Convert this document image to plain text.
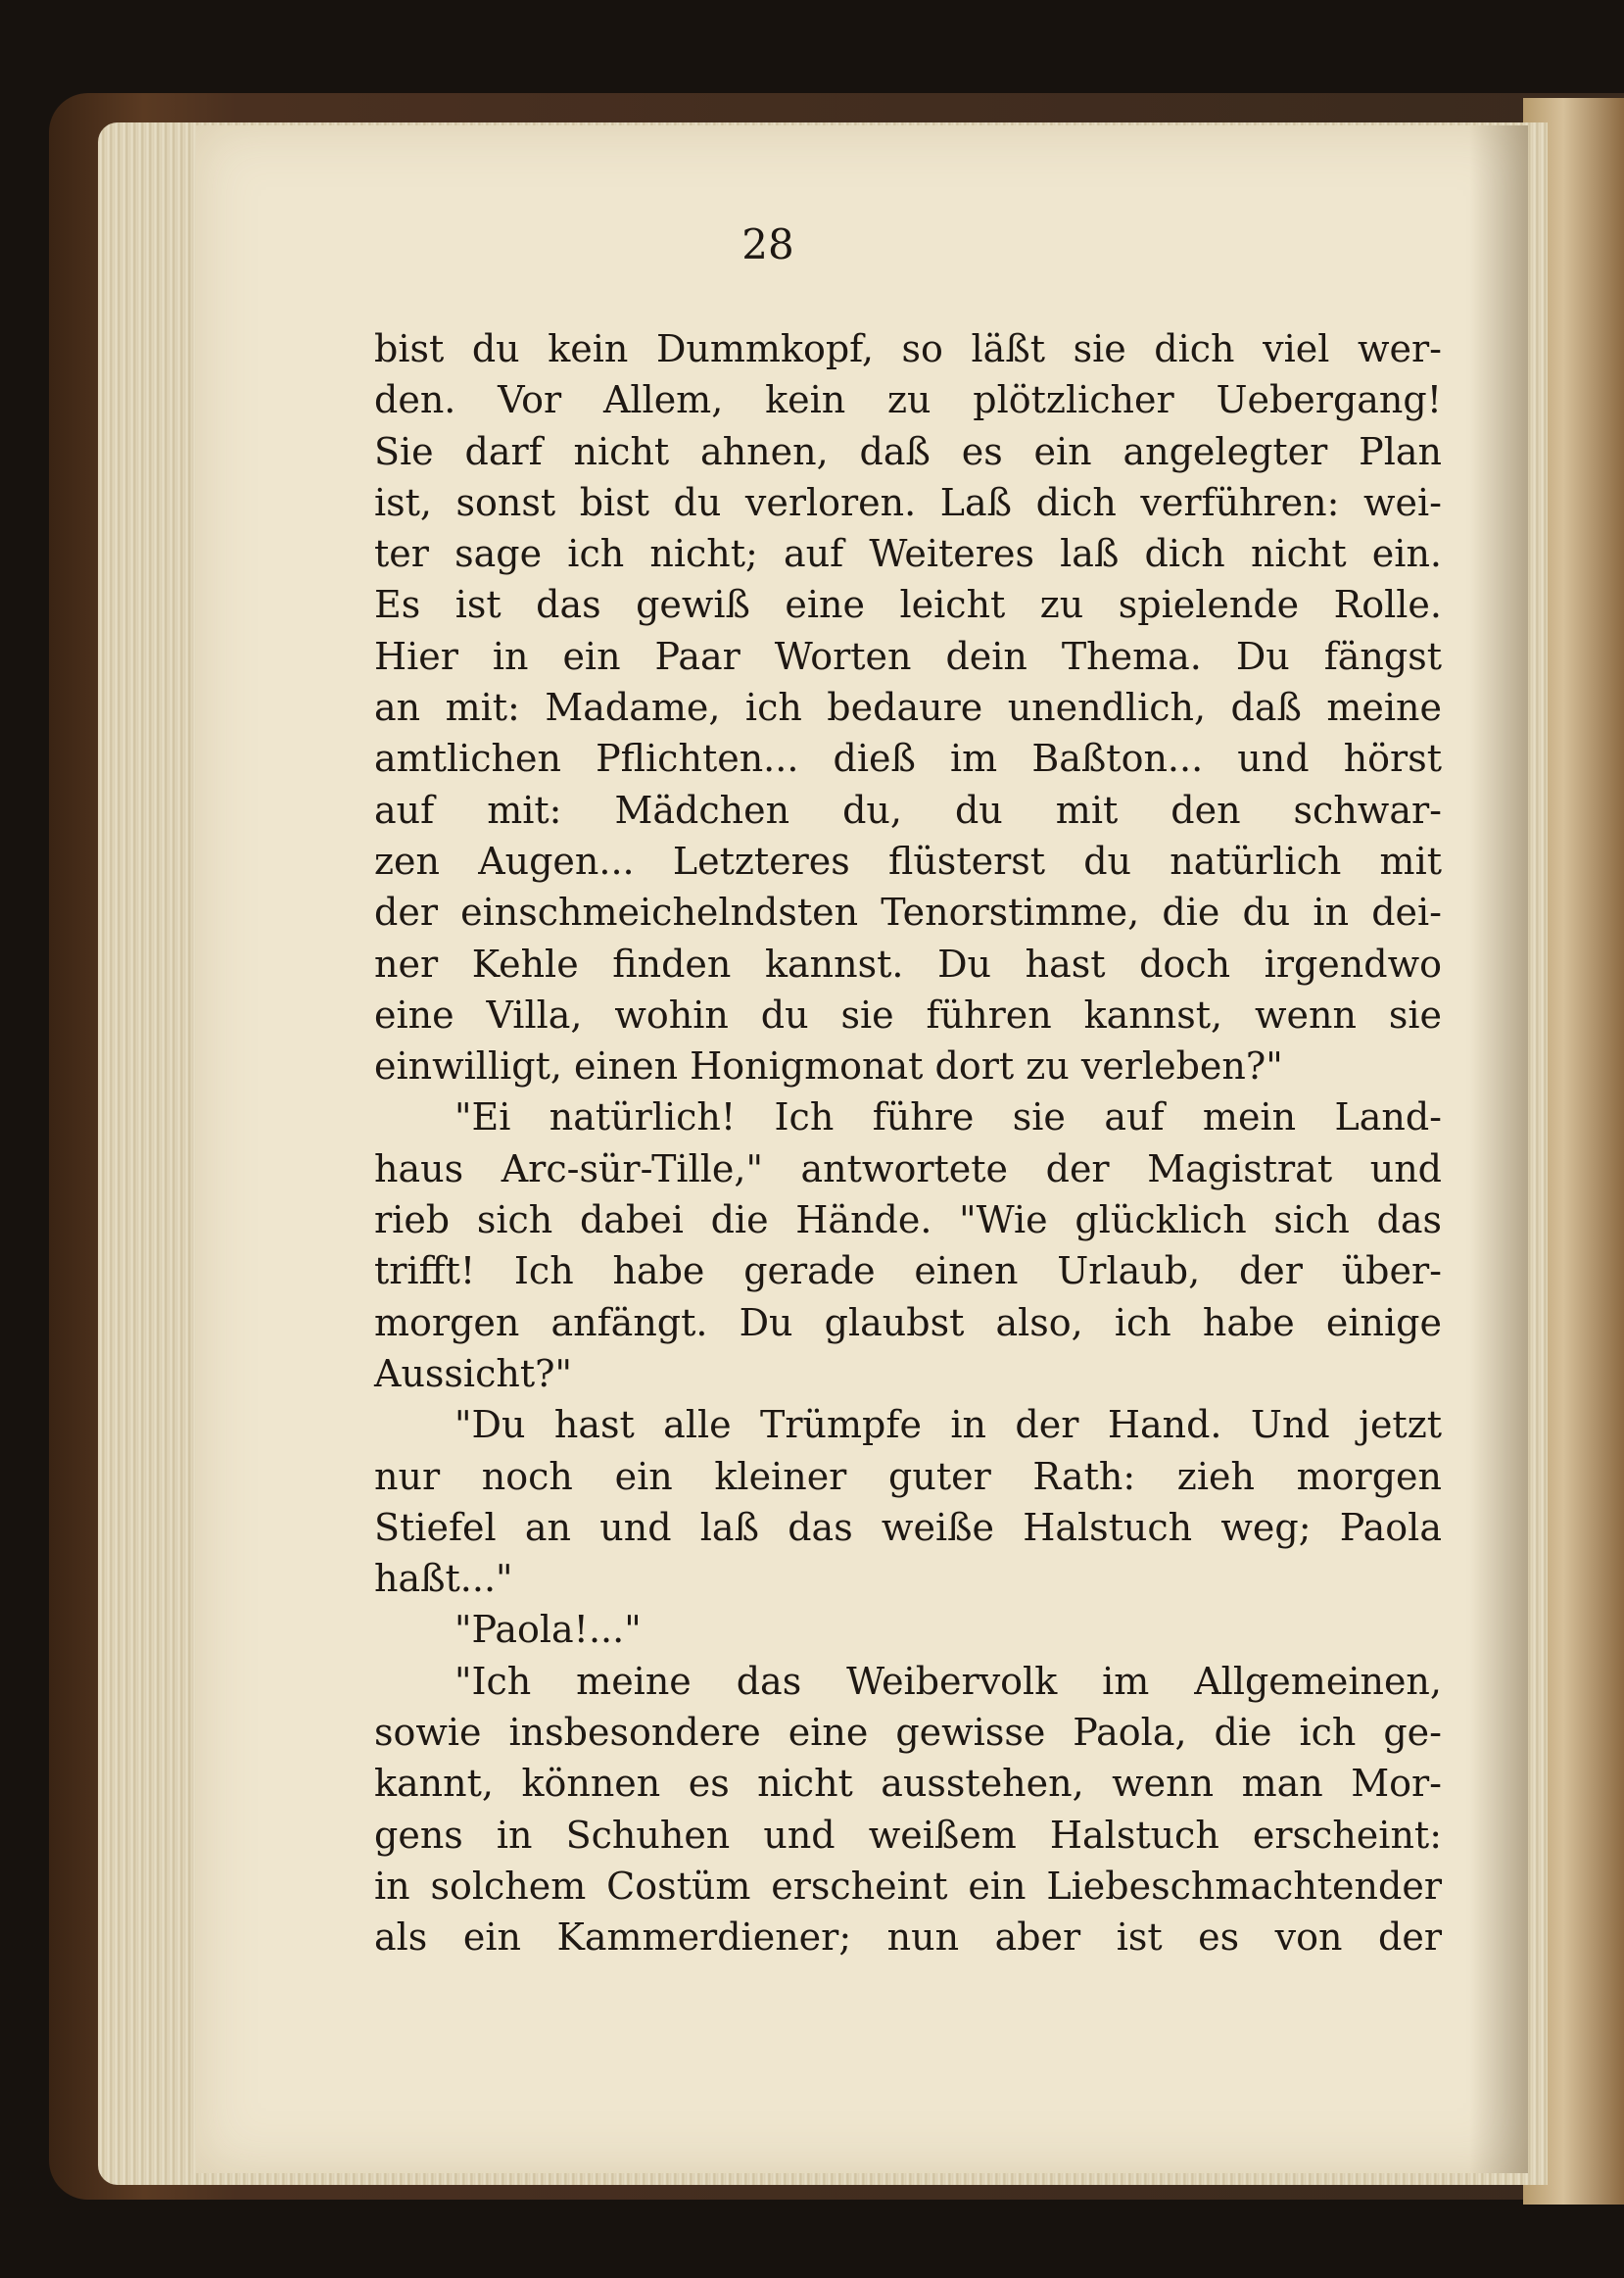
28
bist du kein Dummkopf, so läßt sie dich viel wer-
den. Vor Allem, kein zu plötzlicher Uebergang!
Sie darf nicht ahnen, daß es ein angelegter Plan
ist, sonst bist du verloren. Laß dich verführen: wei-
ter sage ich nicht; auf Weiteres laß dich nicht ein.
Es ist das gewiß eine leicht zu spielende Rolle.
Hier in ein Paar Worten dein Thema. Du fängst
an mit: Madame, ich bedaure unendlich, daß meine
amtlichen Pflichten... dieß im Baßton... und hörst
auf mit: Mädchen du, du mit den schwar-
zen Augen... Letzteres flüsterst du natürlich mit
der einschmeichelndsten Tenorstimme, die du in dei-
ner Kehle finden kannst. Du hast doch irgendwo
eine Villa, wohin du sie führen kannst, wenn sie
einwilligt, einen Honigmonat dort zu verleben?"
"Ei natürlich! Ich führe sie auf mein Land-
haus Arc-sür-Tille," antwortete der Magistrat und
rieb sich dabei die Hände. "Wie glücklich sich das
trifft! Ich habe gerade einen Urlaub, der über-
morgen anfängt. Du glaubst also, ich habe einige
Aussicht?"
"Du hast alle Trümpfe in der Hand. Und jetzt
nur noch ein kleiner guter Rath: zieh morgen
Stiefel an und laß das weiße Halstuch weg; Paola
haßt..."
"Paola!..."
"Ich meine das Weibervolk im Allgemeinen,
sowie insbesondere eine gewisse Paola, die ich ge-
kannt, können es nicht ausstehen, wenn man Mor-
gens in Schuhen und weißem Halstuch erscheint:
in solchem Costüm erscheint ein Liebeschmachtender
als ein Kammerdiener; nun aber ist es von der
